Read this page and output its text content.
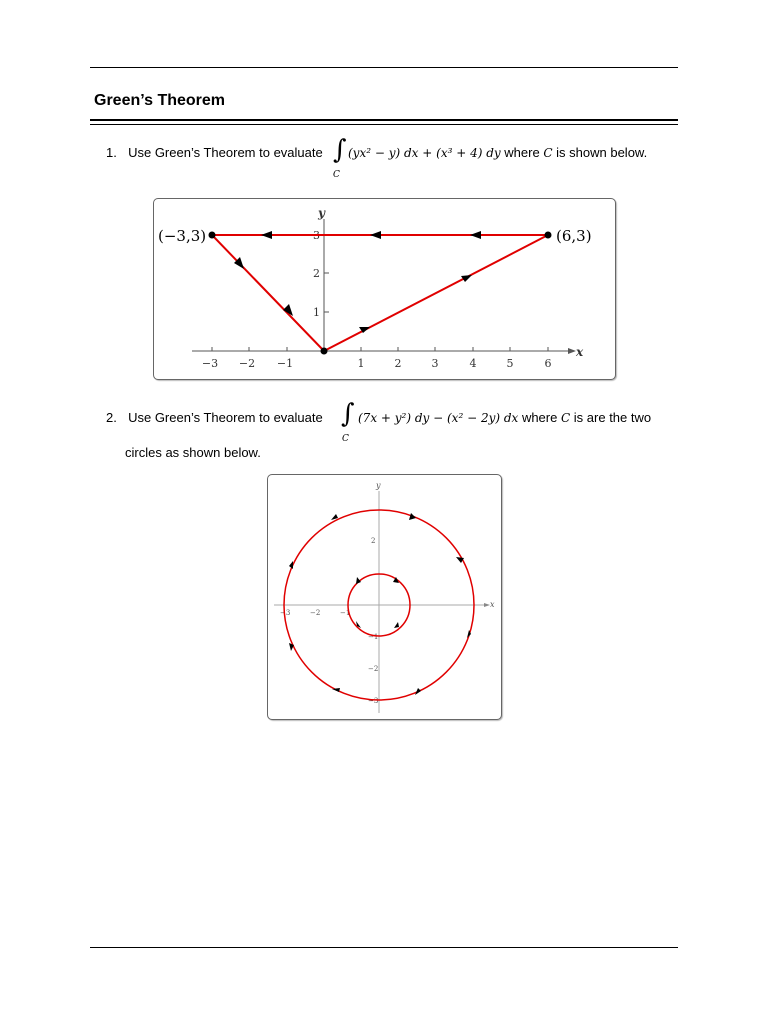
Green’s Theorem
1. Use Green’s Theorem to evaluate ∫
C
(yx² − y) dx + (x³ + 4) dy where C is shown below.
x
y
−3 −2 −1	1	2	3	4	5	6
1
2
3
(−3,3)	(6,3)
2. Use Green’s Theorem to evaluate ∫
C
(7x + y²) dy − (x² − 2y) dx where C is are the two
circles as shown below.
x
y
−3	−2	−1
2
−1
−2
−3
